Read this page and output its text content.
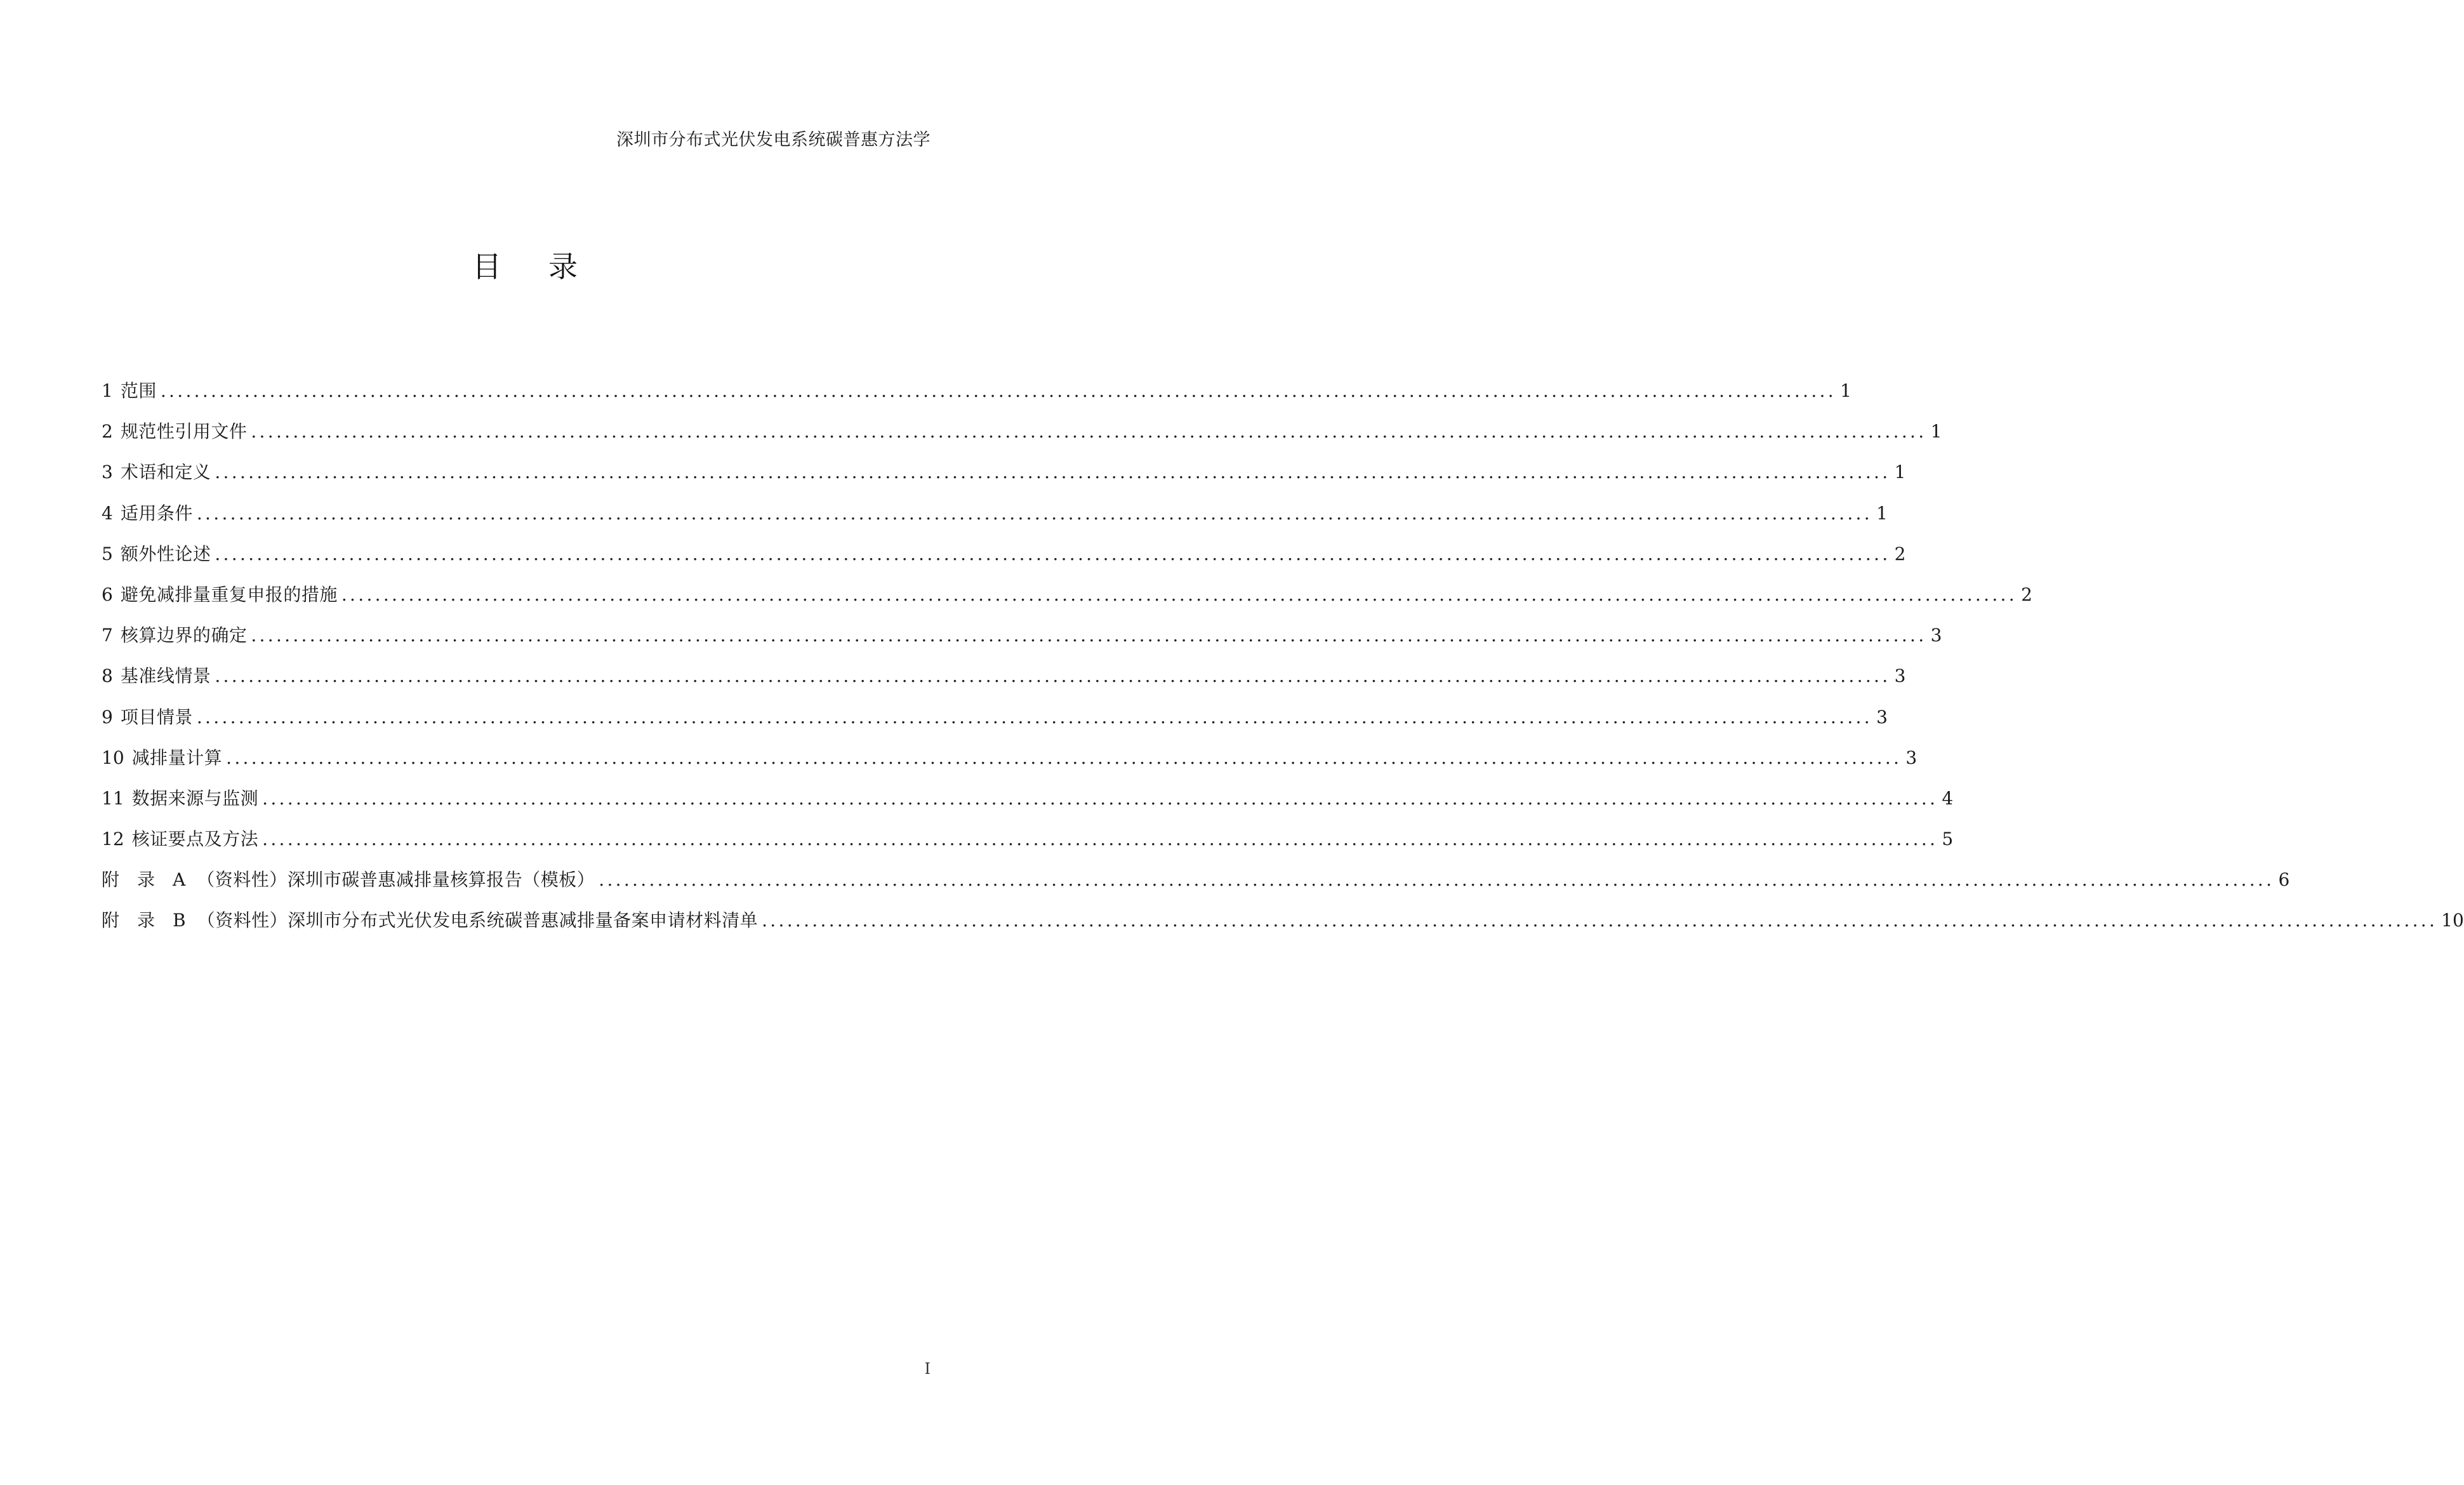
深圳市分布式光伏发电系统碳普惠方法学
目录
1 范围 ........................................................................................................................................................................................................ 1
2 规范性引用文件 ........................................................................................................................................................................................................ 1
3 术语和定义 ........................................................................................................................................................................................................ 1
4 适用条件 ........................................................................................................................................................................................................ 1
5 额外性论述 ........................................................................................................................................................................................................ 2
6 避免减排量重复申报的措施 ........................................................................................................................................................................................................ 2
7 核算边界的确定 ........................................................................................................................................................................................................ 3
8 基准线情景 ........................................................................................................................................................................................................ 3
9 项目情景 ........................................................................................................................................................................................................ 3
10 减排量计算 ........................................................................................................................................................................................................ 3
11 数据来源与监测 ........................................................................................................................................................................................................ 4
12 核证要点及方法 ........................................................................................................................................................................................................ 5
附录A
（资料性）深圳市碳普惠减排量核算报告（模板） ........................................................................................................................................................................................................ 6
附录B
（资料性）深圳市分布式光伏发电系统碳普惠减排量备案申请材料清单 ........................................................................................................................................................................................................ 10
I
